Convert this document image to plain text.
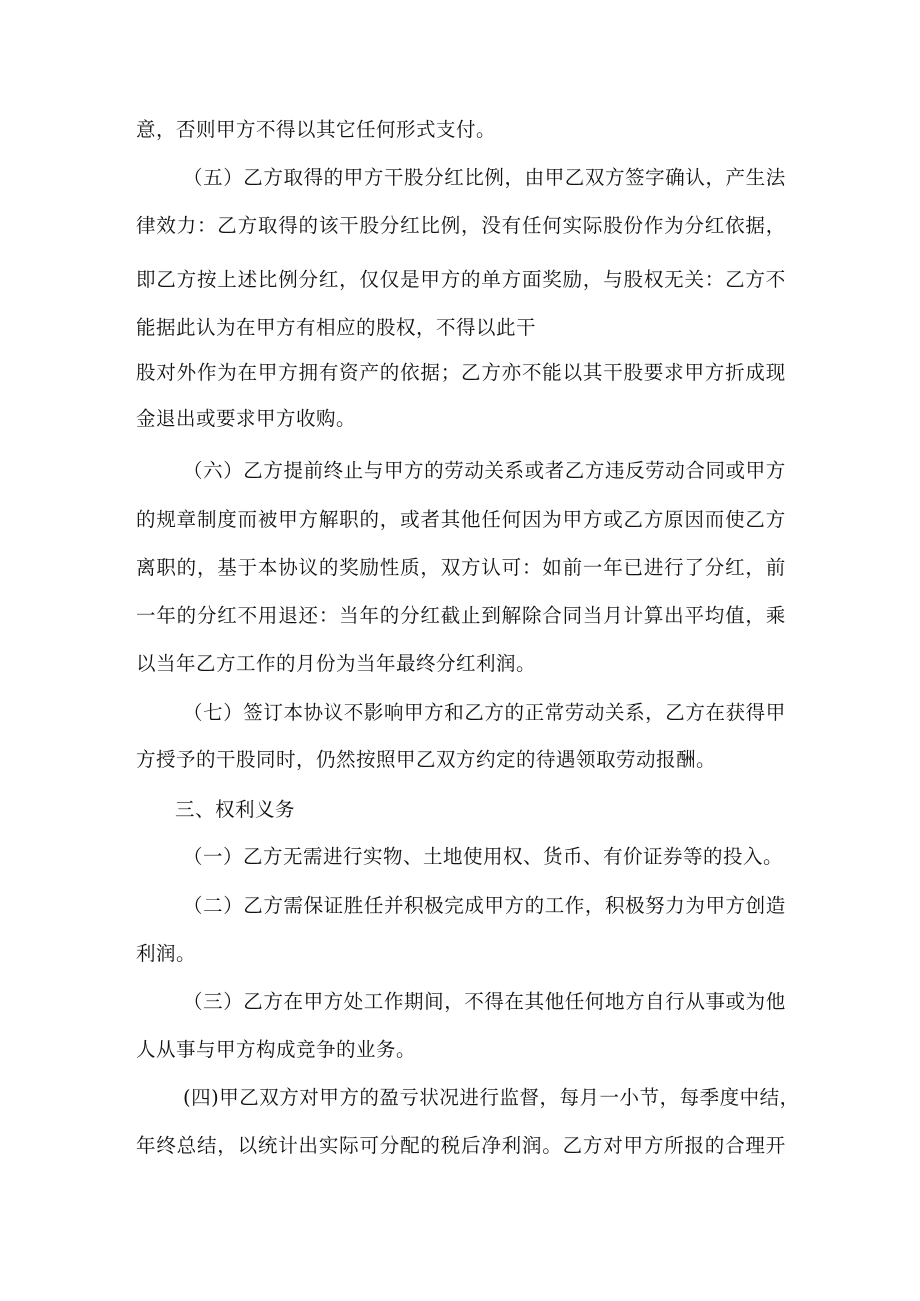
意，否则甲方不得以其它任何形式支付。
（ 五 ） 乙 方 取 得 的 甲 方 干 股 分 红 比 例 ， 由 甲 乙 双 方 签 字 确 认 ， 产 生 法
律 效 力 ： 乙 方 取 得 的 该 干 股 分 红 比 例 ， 没 有 任 何 实 际 股 份 作 为 分 红 依 据 ，
即 乙 方 按 上 述 比 例 分 红 ， 仅 仅 是 甲 方 的 单 方 面 奖 励 ， 与 股 权 无 关 ： 乙 方 不
能据此认为在甲方有相应的股权，不得以此干
股 对 外 作 为 在 甲 方 拥 有 资 产 的 依 据 ； 乙 方 亦 不 能 以 其 干 股 要 求 甲 方 折 成 现
金退出或要求甲方收购。
（ 六 ） 乙 方 提 前 终 止 与 甲 方 的 劳 动 关 系 或 者 乙 方 违 反 劳 动 合 同 或 甲 方
的 规 章 制 度 而 被 甲 方 解 职 的 ， 或 者 其 他 任 何 因 为 甲 方 或 乙 方 原 因 而 使 乙 方
离 职 的 ， 基 于 本 协 议 的 奖 励 性 质 ， 双 方 认 可 ： 如 前 一 年 已 进 行 了 分 红 ， 前
一 年 的 分 红 不 用 退 还 ： 当 年 的 分 红 截 止 到 解 除 合 同 当 月 计 算 出 平 均 值 ， 乘
以当年乙方工作的月份为当年最终分红利润。
（ 七 ） 签 订 本 协 议 不 影 响 甲 方 和 乙 方 的 正 常 劳 动 关 系 ， 乙 方 在 获 得 甲
方授予的干股同时，仍然按照甲乙双方约定的待遇领取劳动报酬。
三、权利义务
（一）乙方无需进行实物、土地使用权、货币、有价证券等的投入。
（ 二 ） 乙 方 需 保 证 胜 任 并 积 极 完 成 甲 方 的 工 作 ， 积 极 努 力 为 甲 方 创 造
利润。
（ 三 ） 乙 方 在 甲 方 处 工 作 期 间 ， 不 得 在 其 他 任 何 地 方 自 行 从 事 或 为 他
人从事与甲方构成竞争的业务。
( 四 ) 甲 乙 双 方 对 甲 方 的 盈 亏 状 况 进 行 监 督 ， 每 月 一 小 节 ， 每 季 度 中 结 ，
年 终 总 结 ， 以 统 计 出 实 际 可 分 配 的 税 后 净 利 润 。 乙 方 对 甲 方 所 报 的 合 理 开
